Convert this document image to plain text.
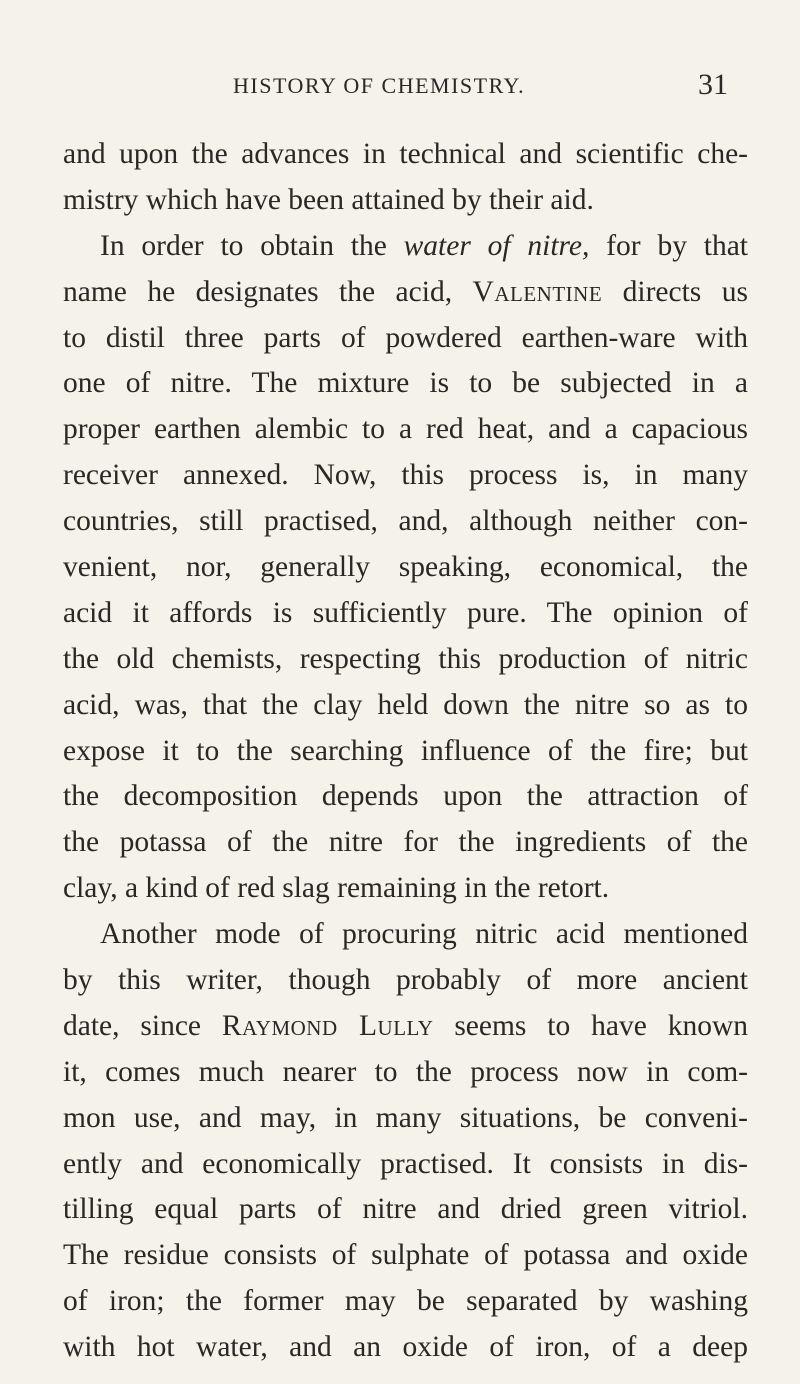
HISTORY OF CHEMISTRY.	31
and upon the advances in technical and scientific che-
mistry which have been attained by their aid.
In order to obtain the water of nitre, for by that
name he designates the acid, Valentine directs us
to distil three parts of powdered earthen-ware with
one of nitre. The mixture is to be subjected in a
proper earthen alembic to a red heat, and a capacious
receiver annexed. Now, this process is, in many
countries, still practised, and, although neither con-
venient, nor, generally speaking, economical, the
acid it affords is sufficiently pure. The opinion of
the old chemists, respecting this production of nitric
acid, was, that the clay held down the nitre so as to
expose it to the searching influence of the fire; but
the decomposition depends upon the attraction of
the potassa of the nitre for the ingredients of the
clay, a kind of red slag remaining in the retort.
Another mode of procuring nitric acid mentioned
by this writer, though probably of more ancient
date, since Raymond Lully seems to have known
it, comes much nearer to the process now in com-
mon use, and may, in many situations, be conveni-
ently and economically practised. It consists in dis-
tilling equal parts of nitre and dried green vitriol.
The residue consists of sulphate of potassa and oxide
of iron; the former may be separated by washing
with hot water, and an oxide of iron, of a deep
